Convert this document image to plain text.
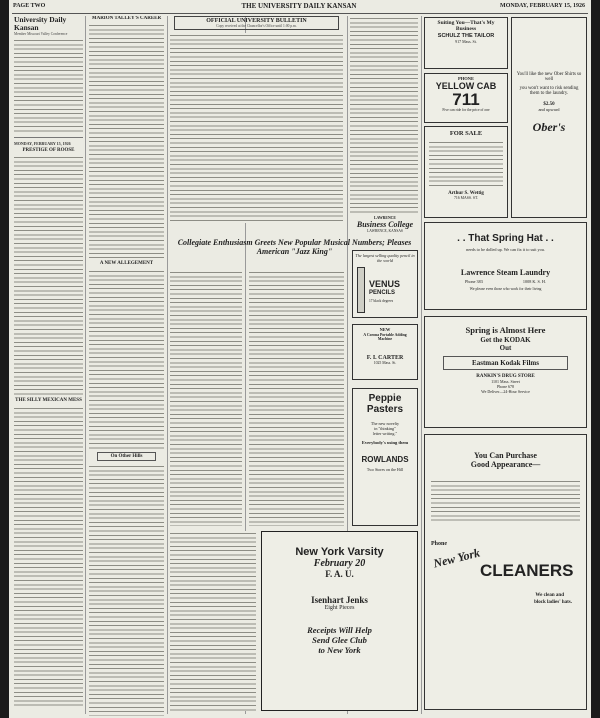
PAGE TWO	THE UNIVERSITY DAILY KANSAN	MONDAY, FEBRUARY 15, 1926
University Daily Kansan
Member Missouri Valley Conference
MONDAY, FEBRUARY 15, 1926
PRESTIGE OF ROOSE
THE SILLY MEXICAN MESS
MARION TALLEY'S CAREER
A NEW ALLEGEMENT
On Other Hills
OFFICIAL UNIVERSITY BULLETIN
Copy received at the Chancellor's Office until 1:00 p.m.
Collegiate Enthusiasm Greets New Popular Musical Numbers; Pleases American "Jazz King"
LAWRENCE
Business College
LAWRENCE, KANSAS
The largest selling quality pencil in the world
VENUS
PENCILS
17 black degrees
NEW
A Corona Portable Adding Machine
F. I. CARTER
1025 Mass. St.
Peppie
Pasters
The new novelty
in "thinking"
letter writing."
Everybody's using them
ROWLANDS
Two Stores on the Hill
New York Varsity
February 20
F. A. U.
Isenhart Jenks
Eight Pieces
Receipts Will Help
Send Glee Club
to New York
Suiting You—That's My
Business
SCHULZ THE TAILOR
917 Mass. St.
PHONE
YELLOW CAB
711
Five can ride for the price of one
FOR SALE
Arthur S. Wettig
716 MASS. ST.
You'll like the new Ober Shirts so well
you won't want to risk sending them to the laundry.
$2.50
and upward
Ober's
. . That Spring Hat . .
needs to be dolled up. We can fix it to suit you.
Lawrence Steam Laundry
Phone 383	1008 K. S. H.
We please even those who work for their living
Spring is Almost Here
Get the KODAK
Out
Eastman Kodak Films
RANKIN'S DRUG STORE
1101 Mass. Street
Phone 678
We Deliver—24-Hour Service
You Can Purchase
Good Appearance—
Phone
New York
CLEANERS
We clean and
block ladies' hats.
